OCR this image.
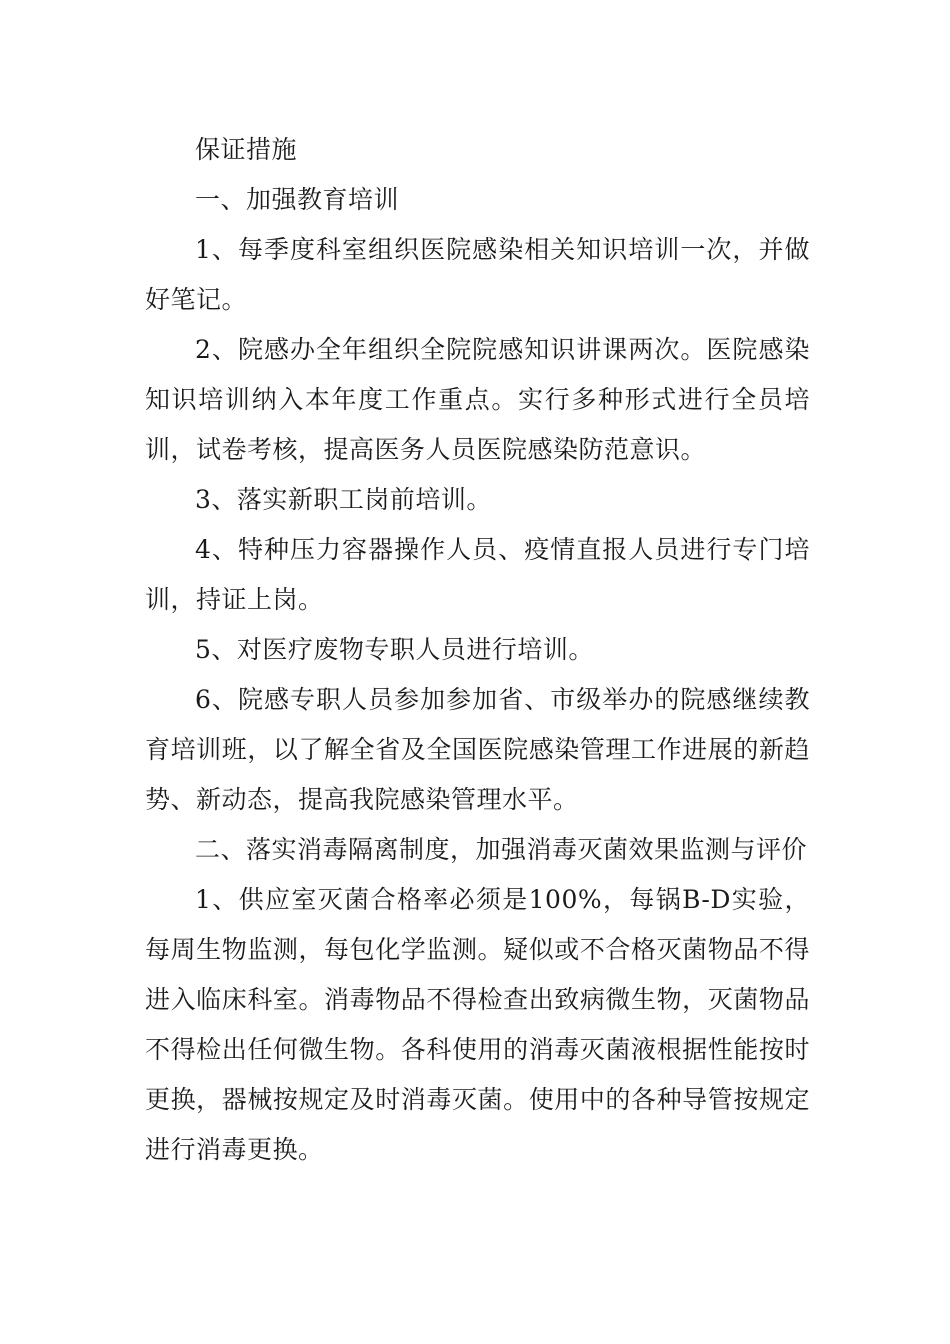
保证措施

一、加强教育培训

1、每季度科室组织医院感染相关知识培训一次，并做好笔记。

2、院感办全年组织全院院感知识讲课两次。医院感染知识培训纳入本年度工作重点。实行多种形式进行全员培训，试卷考核，提高医务人员医院感染防范意识。

3、落实新职工岗前培训。

4、特种压力容器操作人员、疫情直报人员进行专门培训，持证上岗。

5、对医疗废物专职人员进行培训。

6、院感专职人员参加参加省、市级举办的院感继续教育培训班，以了解全省及全国医院感染管理工作进展的新趋势、新动态，提高我院感染管理水平。

二、落实消毒隔离制度，加强消毒灭菌效果监测与评价

1、供应室灭菌合格率必须是100%，每锅B-D实验，每周生物监测，每包化学监测。疑似或不合格灭菌物品不得进入临床科室。消毒物品不得检查出致病微生物，灭菌物品不得检出任何微生物。各科使用的消毒灭菌液根据性能按时更换，器械按规定及时消毒灭菌。使用中的各种导管按规定进行消毒更换。
